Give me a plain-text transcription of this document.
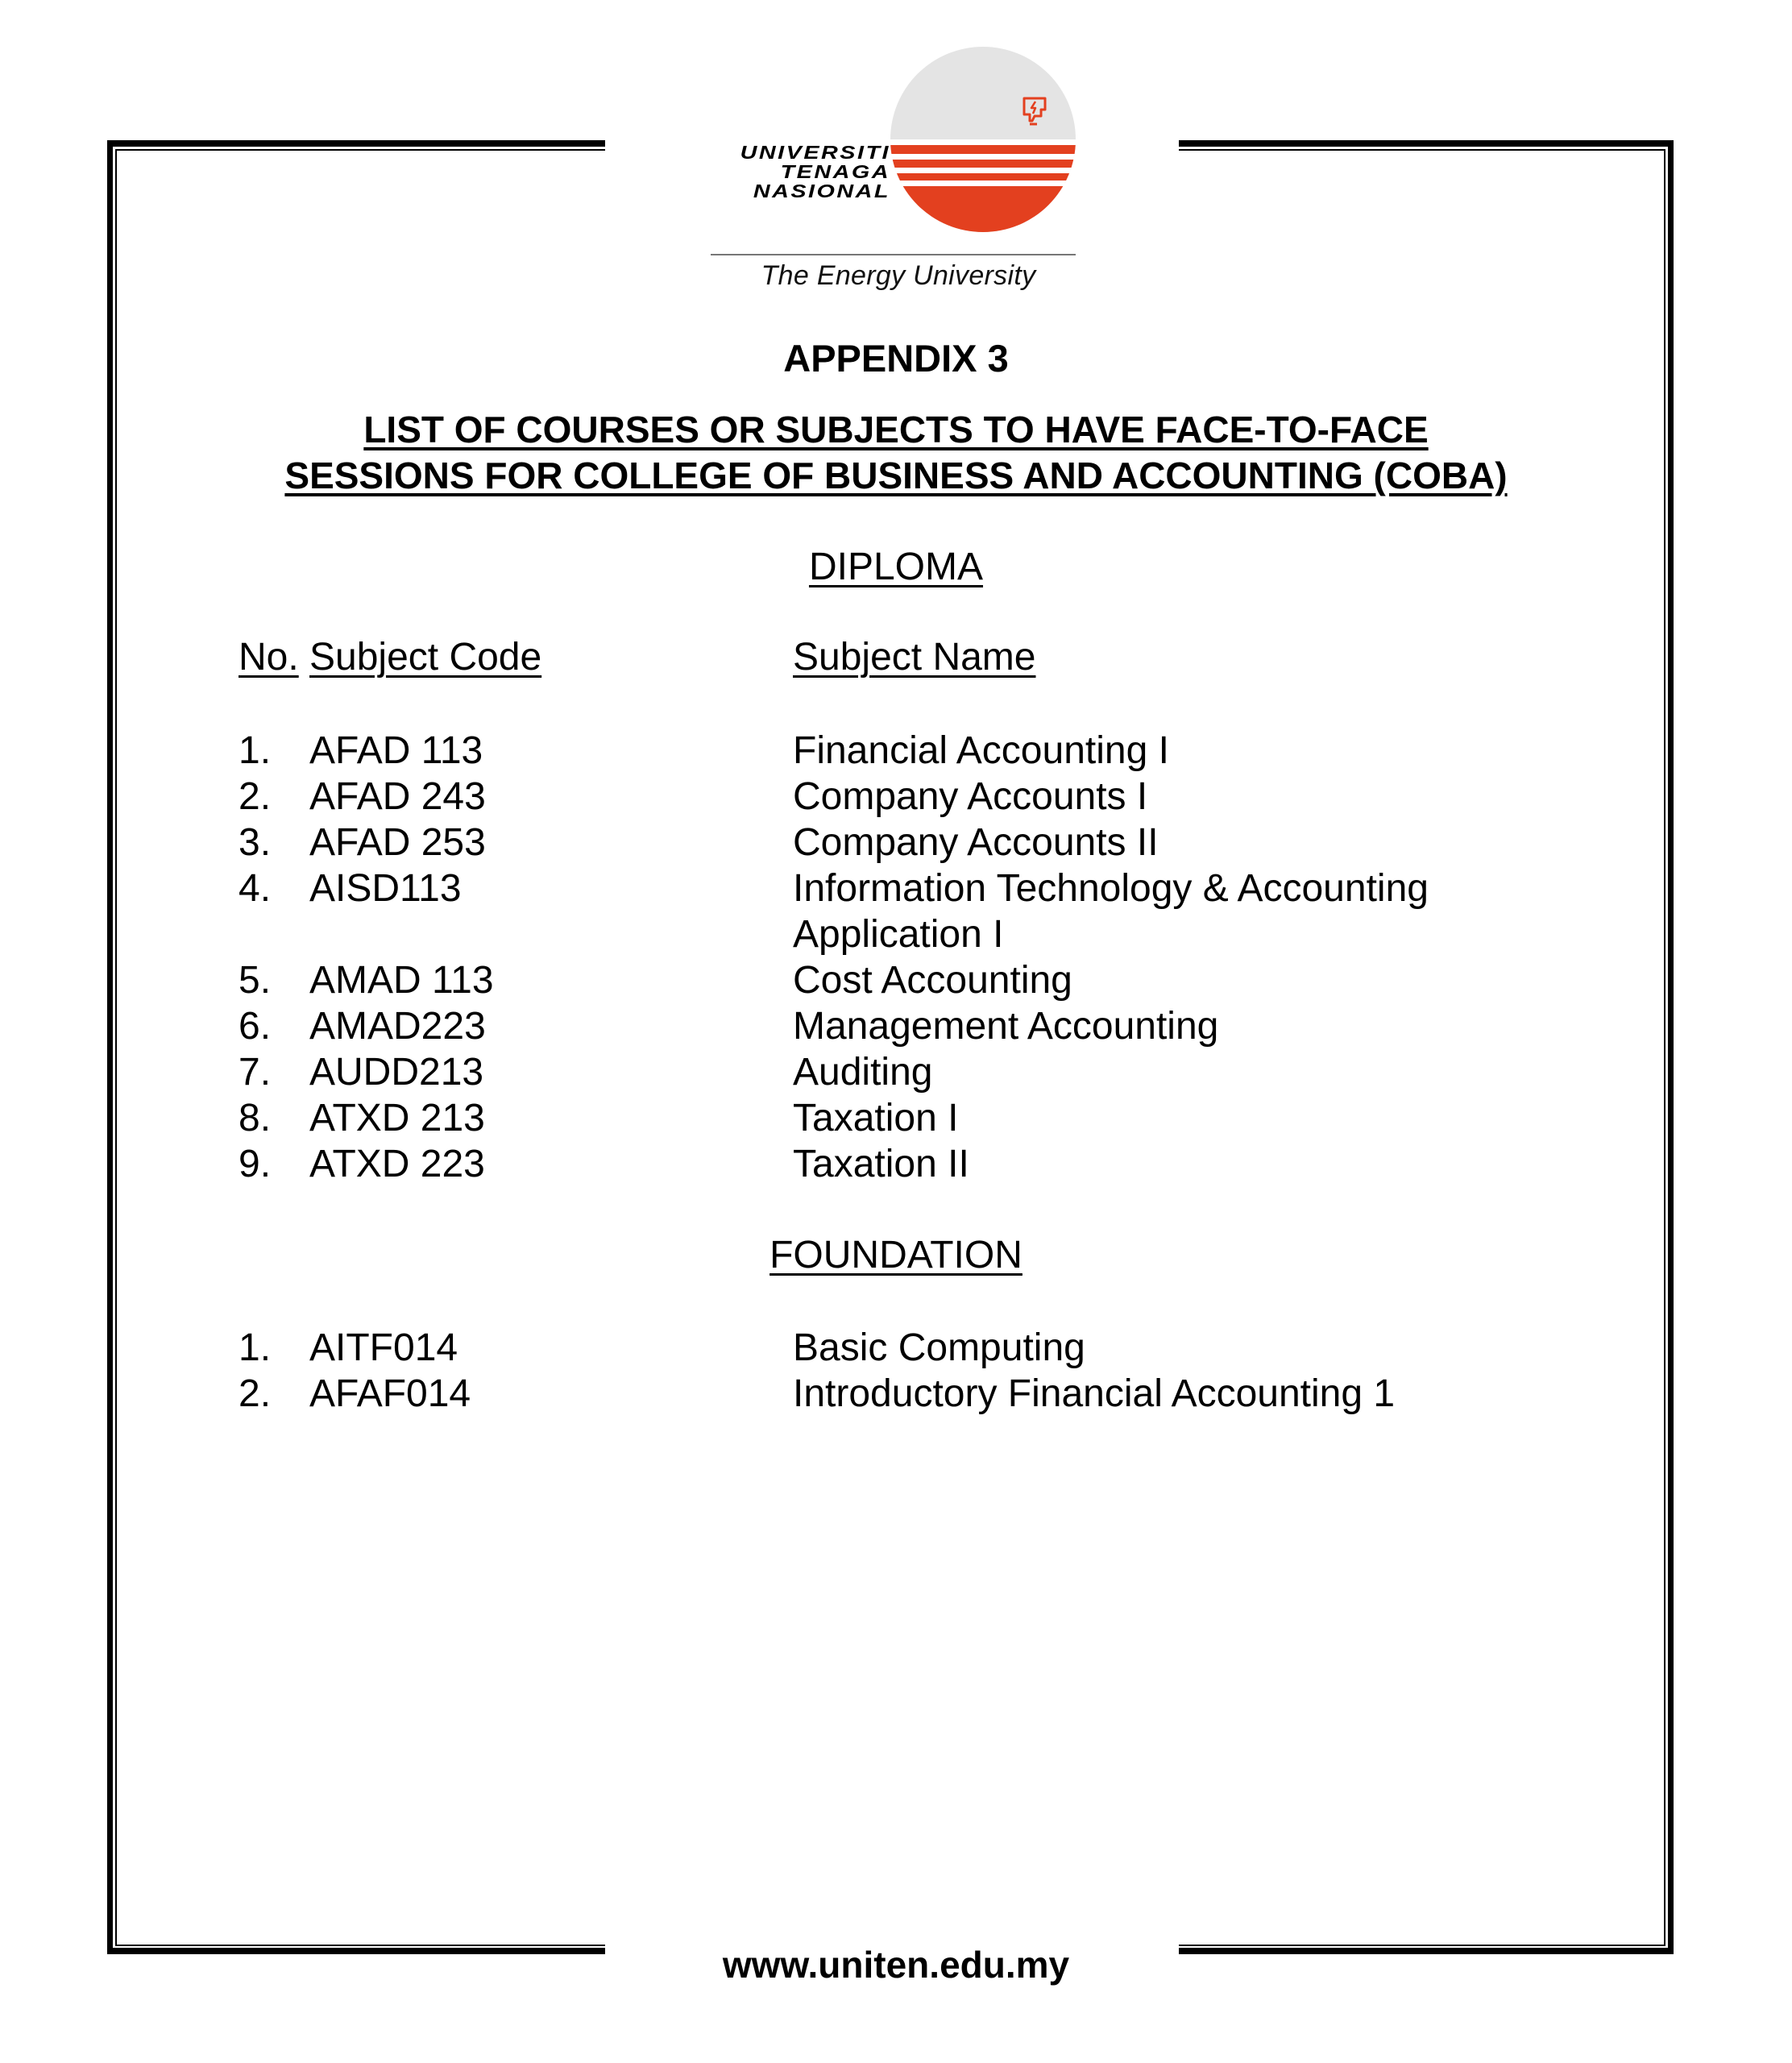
UNIVERSITI
TENAGA
NASIONAL
The Energy University
APPENDIX 3
LIST OF COURSES OR SUBJECTS TO HAVE FACE-TO-FACE
SESSIONS FOR COLLEGE OF BUSINESS AND ACCOUNTING (COBA)
DIPLOMA
No. Subject Code	Subject Name
1. AFAD 113	Financial Accounting I
2. AFAD 243	Company Accounts I
3. AFAD 253	Company Accounts II
4. AISD113	Information Technology & Accounting Application I
5. AMAD 113	Cost Accounting
6. AMAD223	Management Accounting
7. AUDD213	Auditing
8. ATXD 213	Taxation I
9. ATXD 223	Taxation II
FOUNDATION
1. AITF014	Basic Computing
2. AFAF014	Introductory Financial Accounting 1
www.uniten.edu.my
